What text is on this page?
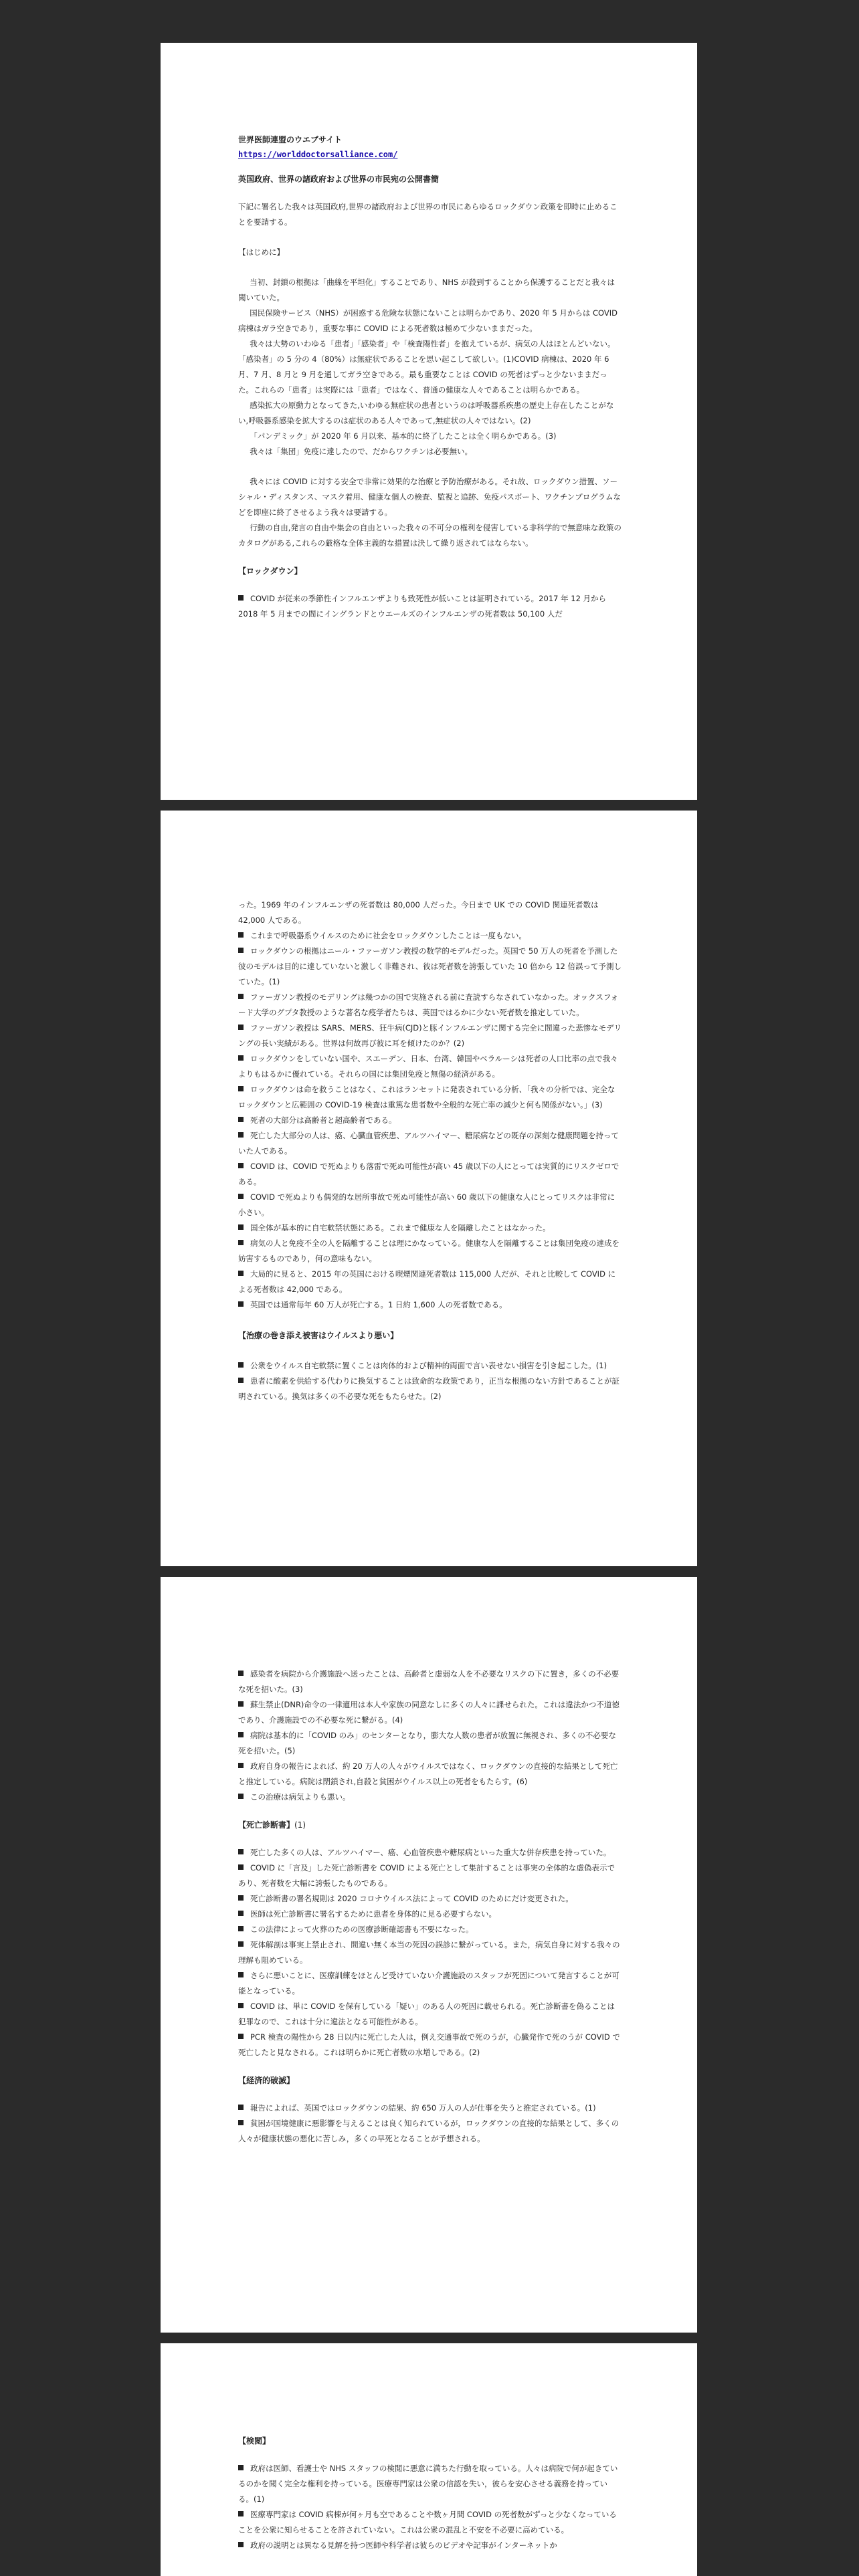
世界医師連盟のウエブサイト

https://worlddoctorsalliance.com/

英国政府、世界の諸政府および世界の市民宛の公開書簡

下記に署名した我々は英国政府,世界の諸政府および世界の市民にあらゆるロックダウン政策を即時に止めることを要請する。

【はじめに】

当初、封鎖の根拠は「曲線を平坦化」することであり、NHS が殺到することから保護することだと我々は聞いていた。

国民保険サービス（NHS）が困惑する危険な状態にないことは明らかであり、2020 年 5 月からは COVID 病棟はガラ空きであり，重要な事に COVID による死者数は極めて少ないままだった。

我々は大勢のいわゆる「患者」「感染者」や「検査陽性者」を抱えているが、病気の人はほとんどいない。「感染者」の 5 分の 4（80%）は無症状であることを思い起こして欲しい。(1)COVID 病棟は、2020 年 6 月、7 月、8 月と 9 月を通してガラ空きである。最も重要なことは COVID の死者はずっと少ないままだった。これらの「患者」は実際には「患者」ではなく、普通の健康な人々であることは明らかである。

感染拡大の原動力となってきた,いわゆる無症状の患者というのは呼吸器系疾患の歴史上存在したことがない,呼吸器系感染を拡大するのは症状のある人々であって,無症状の人々ではない。(2)

「パンデミック」が 2020 年 6 月以来、基本的に終了したことは全く明らかである。(3)

我々は「集団」免疫に達したので、だからワクチンは必要無い。

我々には COVID に対する安全で非常に効果的な治療と予防治療がある。それ故、ロックダウン措置、ソーシャル・ディスタンス、マスク着用、健康な個人の検査、監視と追跡、免疫パスポート、ワクチンプログラムなどを即座に終了させるよう我々は要請する。

行動の自由,発言の自由や集会の自由といった我々の不可分の権利を侵害している非科学的で無意味な政策のカタログがある,これらの厳格な全体主義的な措置は決して繰り返されてはならない。

【ロックダウン】

COVID が従来の季節性インフルエンザよりも致死性が低いことは証明されている。2017 年 12 月から 2018 年 5 月までの間にイングランドとウエールズのインフルエンザの死者数は 50,100 人だ

った。1969 年のインフルエンザの死者数は 80,000 人だった。今日まで UK での COVID 関連死者数は 42,000 人である。

これまで呼吸器系ウイルスのために社会をロックダウンしたことは一度もない。

ロックダウンの根拠はニール・ファーガソン教授の数学的モデルだった。英国で 50 万人の死者を予測した彼のモデルは目的に達していないと激しく非難され、彼は死者数を誇張していた 10 倍から 12 倍誤って予測していた。(1)

ファーガソン教授のモデリングは幾つかの国で実施される前に査読すらなされていなかった。オックスフォード大学のグプタ教授のような著名な疫学者たちは、英国ではるかに少ない死者数を推定していた。

ファーガソン教授は SARS、MERS、狂牛病(CJD)と豚インフルエンザに関する完全に間違った悲惨なモデリングの長い実績がある。世界は何故再び彼に耳を傾けたのか？(2)

ロックダウンをしていない国や、スエーデン、日本、台湾、韓国やベラルーシは死者の人口比率の点で我々よりもはるかに優れている。それらの国には集団免疫と無傷の経済がある。

ロックダウンは命を救うことはなく、これはランセットに発表されている分析、「我々の分析では、完全なロックダウンと広範囲の COVID-19 検査は重篤な患者数や全般的な死亡率の減少と何も関係がない。」(3)

死者の大部分は高齢者と超高齢者である。

死亡した大部分の人は、癌、心臓血管疾患、アルツハイマー、糖尿病などの既存の深刻な健康問題を持っていた人である。

COVID は、COVID で死ぬよりも落雷で死ぬ可能性が高い 45 歳以下の人にとっては実質的にリスクゼロである。

COVID で死ぬよりも偶発的な居所事故で死ぬ可能性が高い 60 歳以下の健康な人にとってリスクは非常に小さい。

国全体が基本的に自宅軟禁状態にある。これまで健康な人を隔離したことはなかった。

病気の人と免疫不全の人を隔離することは理にかなっている。健康な人を隔離することは集団免疫の達成を妨害するものであり，何の意味もない。

大局的に見ると、2015 年の英国における喫煙関連死者数は 115,000 人だが、それと比較して COVID による死者数は 42,000 である。

英国では通常毎年 60 万人が死亡する。1 日約 1,600 人の死者数である。

【治療の巻き添え被害はウイルスより悪い】

公衆をウイルス自宅軟禁に置くことは肉体的および精神的両面で言い表せない損害を引き起こした。(1)

患者に酸素を供給する代わりに換気することは致命的な政策であり，正当な根拠のない方針であることが証明されている。換気は多くの不必要な死をもたらせた。(2)

感染者を病院から介護施設へ送ったことは、高齢者と虚弱な人を不必要なリスクの下に置き，多くの不必要な死を招いた。(3)

蘇生禁止(DNR)命令の一律適用は本人や家族の同意なしに多くの人々に課せられた。これは違法かつ不道徳であり、介護施設での不必要な死に繋がる。(4)

病院は基本的に「COVID のみ」のセンターとなり，膨大な人数の患者が放置に無視され、多くの不必要な死を招いた。(5)

政府自身の報告によれば、約 20 万人の人々がウイルスではなく、ロックダウンの直接的な結果として死亡と推定している。病院は閉鎖され,自殺と貧困がウイルス以上の死者をもたらす。(6)

この治療は病気よりも悪い。

【死亡診断書】(1)

死亡した多くの人は、アルツハイマー、癌、心血管疾患や糖尿病といった重大な併存疾患を持っていた。

COVID に「言及」した死亡診断書を COVID による死亡として集計することは事実の全体的な虚偽表示であり、死者数を大幅に誇張したものである。

死亡診断書の署名規則は 2020 コロナウイルス法によって COVID のためにだけ変更された。

医師は死亡診断書に署名するために患者を身体的に見る必要すらない。

この法律によって火葬のための医療診断確認書も不要になった。

死体解剖は事実上禁止され、間違い無く本当の死因の誤診に繋がっている。また，病気自身に対する我々の理解も阻めている。

さらに悪いことに、医療訓練をほとんど受けていない介護施設のスタッフが死因について発言することが可能となっている。

COVID は、単に COVID を保有している「疑い」のある人の死因に載せられる。死亡診断書を偽ることは犯罪なので、これは十分に違法となる可能性がある。

PCR 検査の陽性から 28 日以内に死亡した人は，例え交通事故で死のうが，心臓発作で死のうが COVID で死亡したと見なされる。これは明らかに死亡者数の水増しである。(2)

【経済的破滅】

報告によれば、英国ではロックダウンの結果、約 650 万人の人が仕事を失うと推定されている。(1)

貧困が国境健康に悪影響を与えることは良く知られているが，ロックダウンの直接的な結果として、多くの人々が健康状態の悪化に苦しみ，多くの早死となることが予想される。

【検閲】

政府は医師、看護士や NHS スタッフの検閲に悪意に満ちた行動を取っている。人々は病院で何が起きているのかを聞く完全な権利を持っている。医療専門家は公衆の信認を失い，彼らを安心させる義務を持っている。(1)

医療専門家は COVID 病棟が何ヶ月も空であることや数ヶ月間 COVID の死者数がずっと少なくなっていることを公衆に知らせることを許されていない。これは公衆の混乱と不安を不必要に高めている。

政府の説明とは異なる見解を持つ医師や科学者は彼らのビデオや記事がインターネットか
